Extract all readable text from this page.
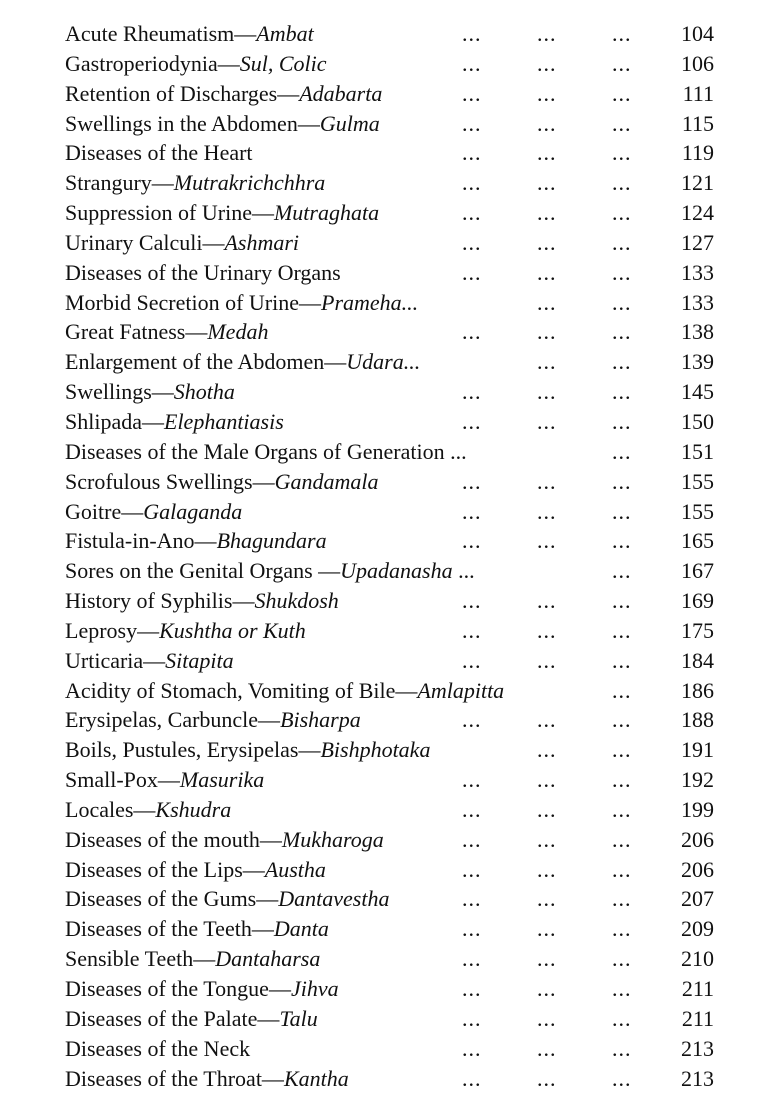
Acute Rheumatism—Ambat	...	...	... 104
Gastroperiodynia—Sul, Colic	...	...	... 106
Retention of Discharges—Adabarta	...	...	... 111
Swellings in the Abdomen—Gulma	...	...	... 115
Diseases of the Heart	...	...	... 119
Strangury—Mutrakrichchhra	...	...	... 121
Suppression of Urine—Mutraghata	...	...	... 124
Urinary Calculi—Ashmari	...	...	... 127
Diseases of the Urinary Organs	...	...	... 133
Morbid Secretion of Urine—Prameha...	...	... 133
Great Fatness—Medah	...	...	... 138
Enlargement of the Abdomen—Udara...	...	... 139
Swellings—Shotha	...	...	... 145
Shlipada—Elephantiasis	...	...	... 150
Diseases of the Male Organs of Generation ...	... 151
Scrofulous Swellings—Gandamala	...	...	... 155
Goitre—Galaganda	...	...	... 155
Fistula-in-Ano—Bhagundara	...	...	... 165
Sores on the Genital Organs —Upadanasha ...	... 167
History of Syphilis—Shukdosh	...	...	... 169
Leprosy—Kushtha or Kuth	...	...	... 175
Urticaria—Sitapita	...	...	... 184
Acidity of Stomach, Vomiting of Bile—Amlapitta	... 186
Erysipelas, Carbuncle—Bisharpa	...	...	... 188
Boils, Pustules, Erysipelas—Bishphotaka	...	... 191
Small-Pox—Masurika	...	...	... 192
Locales—Kshudra	...	...	... 199
Diseases of the mouth—Mukharoga	...	...	... 206
Diseases of the Lips—Austha	...	...	... 206
Diseases of the Gums—Dantavestha	...	...	... 207
Diseases of the Teeth—Danta	...	...	... 209
Sensible Teeth—Dantaharsa	...	...	... 210
Diseases of the Tongue—Jihva	...	...	... 211
Diseases of the Palate—Talu	...	...	... 211
Diseases of the Neck	...	...	... 213
Diseases of the Throat—Kantha	...	...	... 213
